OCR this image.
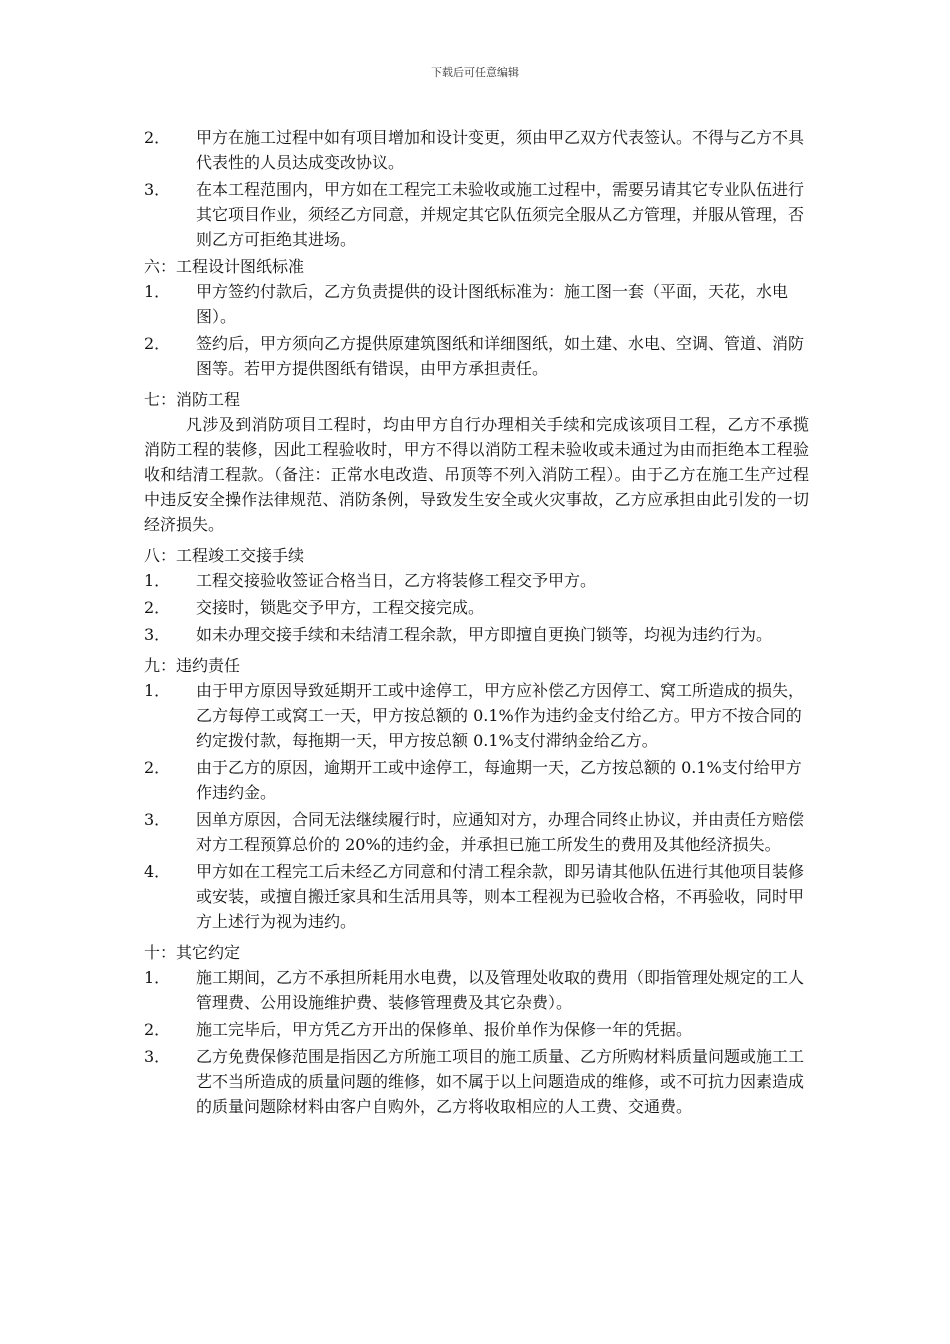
下载后可任意编辑
2． 甲方在施工过程中如有项目增加和设计变更，须由甲乙双方代表签认。不得与乙方不具代表性的人员达成变改协议。
3． 在本工程范围内，甲方如在工程完工未验收或施工过程中，需要另请其它专业队伍进行其它项目作业，须经乙方同意，并规定其它队伍须完全服从乙方管理，并服从管理，否则乙方可拒绝其进场。

六：工程设计图纸标准

1． 甲方签约付款后，乙方负责提供的设计图纸标准为：施工图一套（平面，天花，水电图）。
2． 签约后，甲方须向乙方提供原建筑图纸和详细图纸，如土建、水电、空调、管道、消防图等。若甲方提供图纸有错误，由甲方承担责任。

七：消防工程

凡涉及到消防项目工程时，均由甲方自行办理相关手续和完成该项目工程，乙方不承揽消防工程的装修，因此工程验收时，甲方不得以消防工程未验收或未通过为由而拒绝本工程验收和结清工程款。（备注：正常水电改造、吊顶等不列入消防工程）。由于乙方在施工生产过程中违反安全操作法律规范、消防条例，导致发生安全或火灾事故，乙方应承担由此引发的一切经济损失。

八：工程竣工交接手续

1． 工程交接验收签证合格当日，乙方将装修工程交予甲方。
2． 交接时，锁匙交予甲方，工程交接完成。
3． 如未办理交接手续和未结清工程余款，甲方即擅自更换门锁等，均视为违约行为。

九：违约责任

1． 由于甲方原因导致延期开工或中途停工，甲方应补偿乙方因停工、窝工所造成的损失，乙方每停工或窝工一天，甲方按总额的 0.1%作为违约金支付给乙方。甲方不按合同的约定拨付款，每拖期一天，甲方按总额 0.1%支付滞纳金给乙方。
2． 由于乙方的原因，逾期开工或中途停工，每逾期一天，乙方按总额的 0.1%支付给甲方作违约金。
3． 因单方原因，合同无法继续履行时，应通知对方，办理合同终止协议，并由责任方赔偿对方工程预算总价的 20%的违约金，并承担已施工所发生的费用及其他经济损失。
4． 甲方如在工程完工后未经乙方同意和付清工程余款，即另请其他队伍进行其他项目装修或安装，或擅自搬迁家具和生活用具等，则本工程视为已验收合格，不再验收，同时甲方上述行为视为违约。

十：其它约定

1． 施工期间，乙方不承担所耗用水电费，以及管理处收取的费用（即指管理处规定的工人管理费、公用设施维护费、装修管理费及其它杂费）。
2． 施工完毕后，甲方凭乙方开出的保修单、报价单作为保修一年的凭据。
3． 乙方免费保修范围是指因乙方所施工项目的施工质量、乙方所购材料质量问题或施工工艺不当所造成的质量问题的维修，如不属于以上问题造成的维修，或不可抗力因素造成的质量问题除材料由客户自购外，乙方将收取相应的人工费、交通费。
